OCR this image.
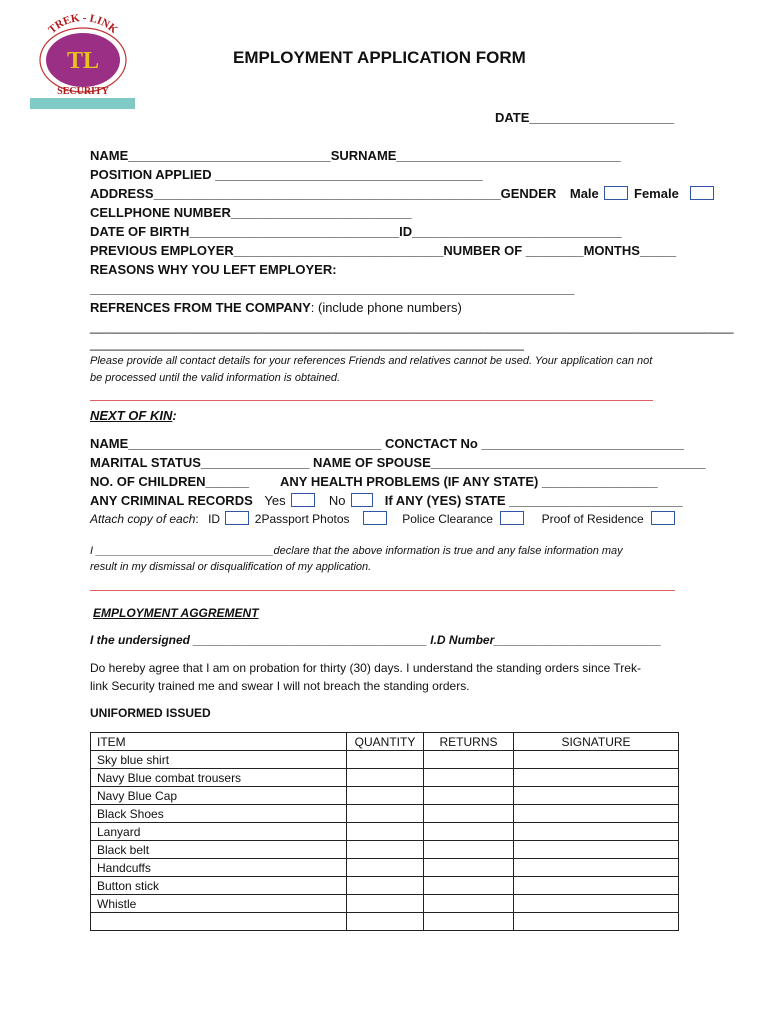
TL
TREK - LINK
SECURITY
EMPLOYMENT APPLICATION FORM
DATE____________________
NAME____________________________SURNAME_______________________________
POSITION APPLIED _____________________________________
ADDRESS________________________________________________GENDER Male	Female
CELLPHONE NUMBER_________________________
DATE OF BIRTH_____________________________ID_____________________________
PREVIOUS EMPLOYER_____________________________NUMBER OF ________MONTHS_____
REASONS WHY YOU LEFT EMPLOYER:
___________________________________________________________________
REFRENCES FROM THE COMPANY: (include phone numbers)
_________________________________________________________________________________________
____________________________________________________________
Please provide all contact details for your references Friends and relatives cannot be used. Your application can not
be processed until the valid information is obtained.
NEXT OF KIN:
NAME___________________________________ CONCTACT No ____________________________
MARITAL STATUS_______________ NAME OF SPOUSE______________________________________
NO. OF CHILDREN______ ANY HEALTH PROBLEMS (IF ANY STATE) ________________
ANY CRIMINAL RECORDS Yes	No	If ANY (YES) STATE ________________________
Attach copy of each: ID	2Passport Photos	Police Clearance	Proof of Residence
I _____________________________declare that the above information is true and any false information may
result in my dismissal or disqualification of my application.
EMPLOYMENT AGGREMENT
I the undersigned ___________________________________ I.D Number_________________________
Do hereby agree that I am on probation for thirty (30) days. I understand the standing orders since Trek-
link Security trained me and swear I will not breach the standing orders.
UNIFORMED ISSUED
ITEM	QUANTITY	RETURNS	SIGNATURE
Sky blue shirt			
Navy Blue combat trousers			
Navy Blue Cap			
Black Shoes			
Lanyard			
Black belt			
Handcuffs			
Button stick			
Whistle			
